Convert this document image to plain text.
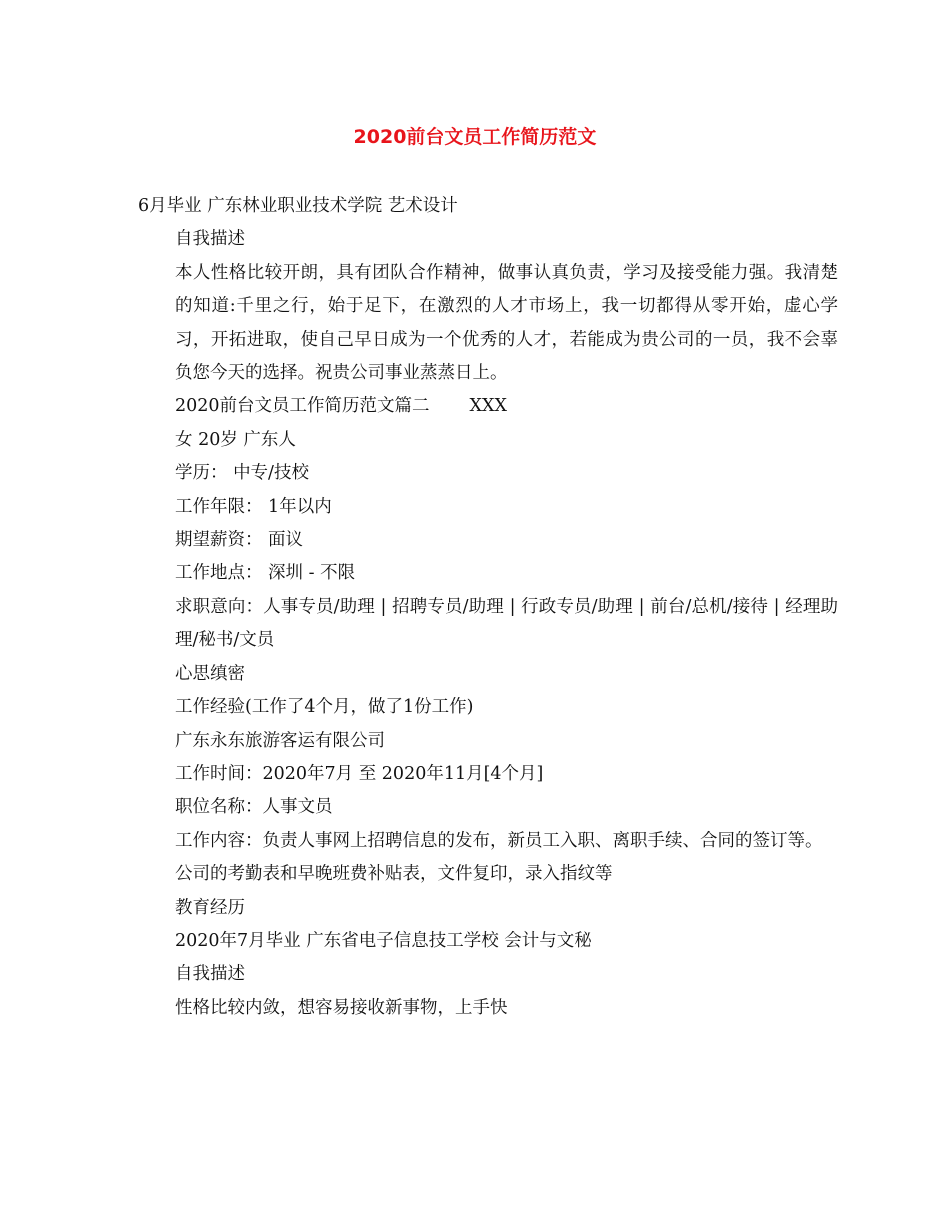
2020前台文员工作简历范文

6月毕业 广东林业职业技术学院 艺术设计

自我描述

本人性格比较开朗，具有团队合作精神，做事认真负责，学习及接受能力强。我清楚的知道:千里之行，始于足下，在激烈的人才市场上，我一切都得从零开始，虚心学习，开拓进取，使自己早日成为一个优秀的人才，若能成为贵公司的一员，我不会辜负您今天的选择。祝贵公司事业蒸蒸日上。

2020前台文员工作简历范文篇二 XXX

女 20岁 广东人

学历： 中专/技校

工作年限： 1年以内

期望薪资： 面议

工作地点： 深圳 - 不限

求职意向：人事专员/助理 | 招聘专员/助理 | 行政专员/助理 | 前台/总机/接待 | 经理助理/秘书/文员

心思缜密

工作经验(工作了4个月，做了1份工作)

广东永东旅游客运有限公司

工作时间：2020年7月 至 2020年11月[4个月]

职位名称：人事文员

工作内容：负责人事网上招聘信息的发布，新员工入职、离职手续、合同的签订等。

公司的考勤表和早晚班费补贴表，文件复印，录入指纹等

教育经历

2020年7月毕业 广东省电子信息技工学校 会计与文秘

自我描述

性格比较内敛，想容易接收新事物，上手快
